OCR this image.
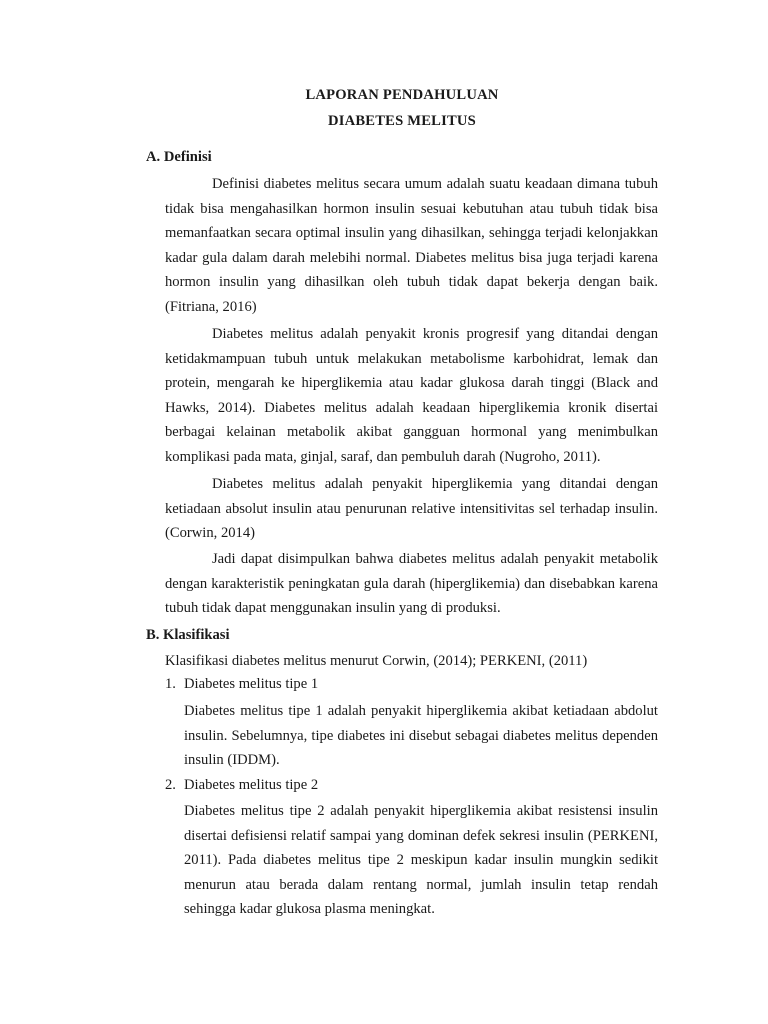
LAPORAN PENDAHULUAN
DIABETES MELITUS
A. Definisi

Definisi diabetes melitus secara umum adalah suatu keadaan dimana tubuh tidak bisa mengahasilkan hormon insulin sesuai kebutuhan atau tubuh tidak bisa memanfaatkan secara optimal insulin yang dihasilkan, sehingga terjadi kelonjakkan kadar gula dalam darah melebihi normal. Diabetes melitus bisa juga terjadi karena hormon insulin yang dihasilkan oleh tubuh tidak dapat bekerja dengan baik. (Fitriana, 2016)

Diabetes melitus adalah penyakit kronis progresif yang ditandai dengan ketidakmampuan tubuh untuk melakukan metabolisme karbohidrat, lemak dan protein, mengarah ke hiperglikemia atau kadar glukosa darah tinggi (Black and Hawks, 2014). Diabetes melitus adalah keadaan hiperglikemia kronik disertai berbagai kelainan metabolik akibat gangguan hormonal yang menimbulkan komplikasi pada mata, ginjal, saraf, dan pembuluh darah (Nugroho, 2011).

Diabetes melitus adalah penyakit hiperglikemia yang ditandai dengan ketiadaan absolut insulin atau penurunan relative intensitivitas sel terhadap insulin. (Corwin, 2014)

Jadi dapat disimpulkan bahwa diabetes melitus adalah penyakit metabolik dengan karakteristik peningkatan gula darah (hiperglikemia) dan disebabkan karena tubuh tidak dapat menggunakan insulin yang di produksi.

B. Klasifikasi

Klasifikasi diabetes melitus menurut Corwin, (2014); PERKENI, (2011)

1. Diabetes melitus tipe 1

Diabetes melitus tipe 1 adalah penyakit hiperglikemia akibat ketiadaan abdolut insulin. Sebelumnya, tipe diabetes ini disebut sebagai diabetes melitus dependen insulin (IDDM).

2. Diabetes melitus tipe 2

Diabetes melitus tipe 2 adalah penyakit hiperglikemia akibat resistensi insulin disertai defisiensi relatif sampai yang dominan defek sekresi insulin (PERKENI, 2011). Pada diabetes melitus tipe 2 meskipun kadar insulin mungkin sedikit menurun atau berada dalam rentang normal, jumlah insulin tetap rendah sehingga kadar glukosa plasma meningkat.
